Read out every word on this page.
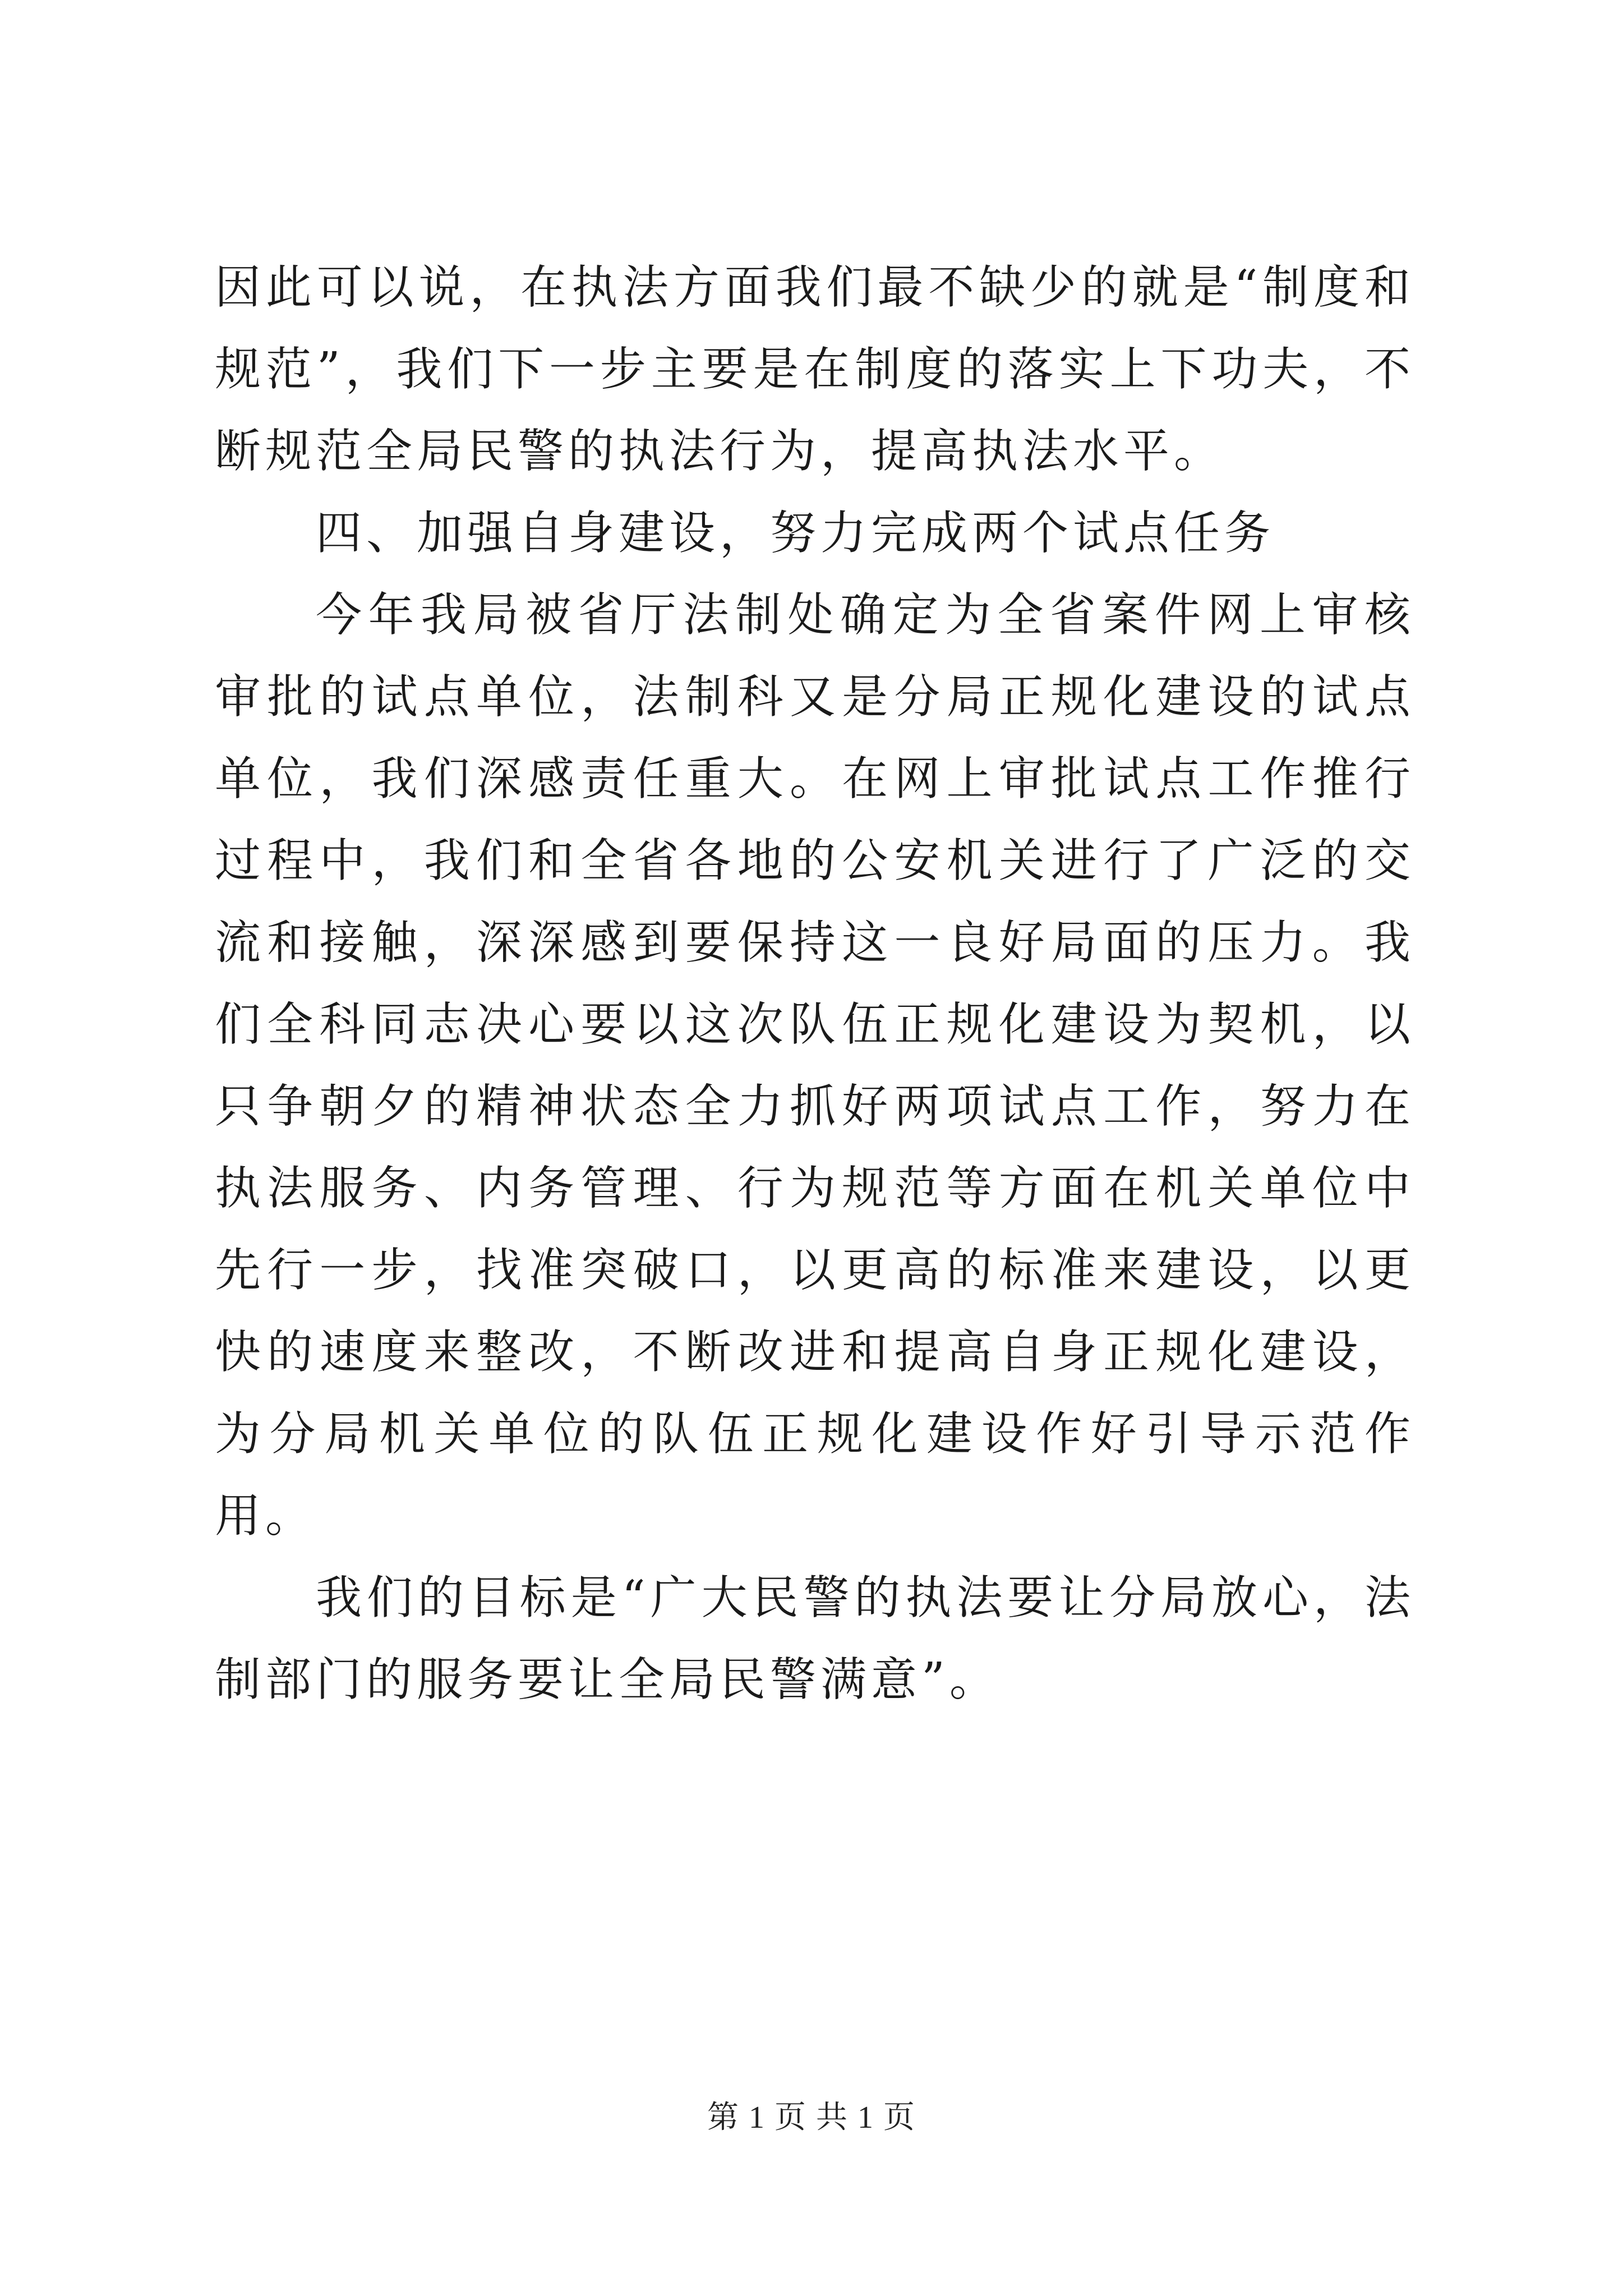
因此可以说，在执法方面我们最不缺少的就是“制度和规范”，我们下一步主要是在制度的落实上下功夫，不断规范全局民警的执法行为，提高执法水平。

四、加强自身建设，努力完成两个试点任务

今年我局被省厅法制处确定为全省案件网上审核审批的试点单位，法制科又是分局正规化建设的试点单位，我们深感责任重大。在网上审批试点工作推行过程中，我们和全省各地的公安机关进行了广泛的交流和接触，深深感到要保持这一良好局面的压力。我们全科同志决心要以这次队伍正规化建设为契机，以只争朝夕的精神状态全力抓好两项试点工作，努力在执法服务、内务管理、行为规范等方面在机关单位中先行一步，找准突破口，以更高的标准来建设，以更快的速度来整改，不断改进和提高自身正规化建设，为分局机关单位的队伍正规化建设作好引导示范作用。

我们的目标是“广大民警的执法要让分局放心，法制部门的服务要让全局民警满意”。

第 1 页 共 1 页
